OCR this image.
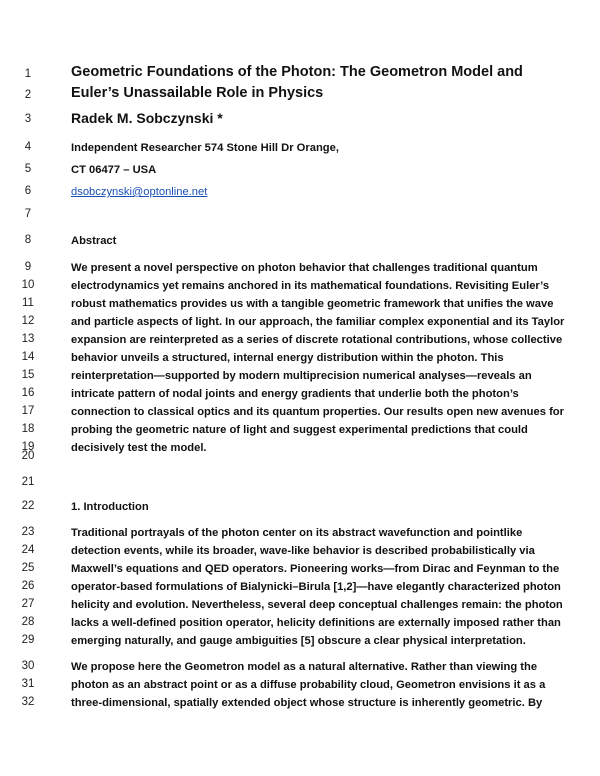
1	Geometric Foundations of the Photon: The Geometron Model and
2	Euler’s Unassailable Role in Physics
3	Radek M. Sobczynski *
4	Independent Researcher 574 Stone Hill Dr Orange,
5	CT 06477 – USA
6	dsobczynski@optonline.net
7
8	Abstract
9	We present a novel perspective on photon behavior that challenges traditional quantum
10	electrodynamics yet remains anchored in its mathematical foundations. Revisiting Euler’s
11	robust mathematics provides us with a tangible geometric framework that unifies the wave
12	and particle aspects of light. In our approach, the familiar complex exponential and its Taylor
13	expansion are reinterpreted as a series of discrete rotational contributions, whose collective
14	behavior unveils a structured, internal energy distribution within the photon. This
15	reinterpretation—supported by modern multiprecision numerical analyses—reveals an
16	intricate pattern of nodal joints and energy gradients that underlie both the photon’s
17	connection to classical optics and its quantum properties. Our results open new avenues for
18	probing the geometric nature of light and suggest experimental predictions that could
19	decisively test the model.
20
21
22	1. Introduction
23	Traditional portrayals of the photon center on its abstract wavefunction and pointlike
24	detection events, while its broader, wave-like behavior is described probabilistically via
25	Maxwell’s equations and QED operators. Pioneering works—from Dirac and Feynman to the
26	operator-based formulations of Bialynicki–Birula [1,2]—have elegantly characterized photon
27	helicity and evolution. Nevertheless, several deep conceptual challenges remain: the photon
28	lacks a well-defined position operator, helicity definitions are externally imposed rather than
29	emerging naturally, and gauge ambiguities [5] obscure a clear physical interpretation.
30	We propose here the Geometron model as a natural alternative. Rather than viewing the
31	photon as an abstract point or as a diffuse probability cloud, Geometron envisions it as a
32	three-dimensional, spatially extended object whose structure is inherently geometric. By
